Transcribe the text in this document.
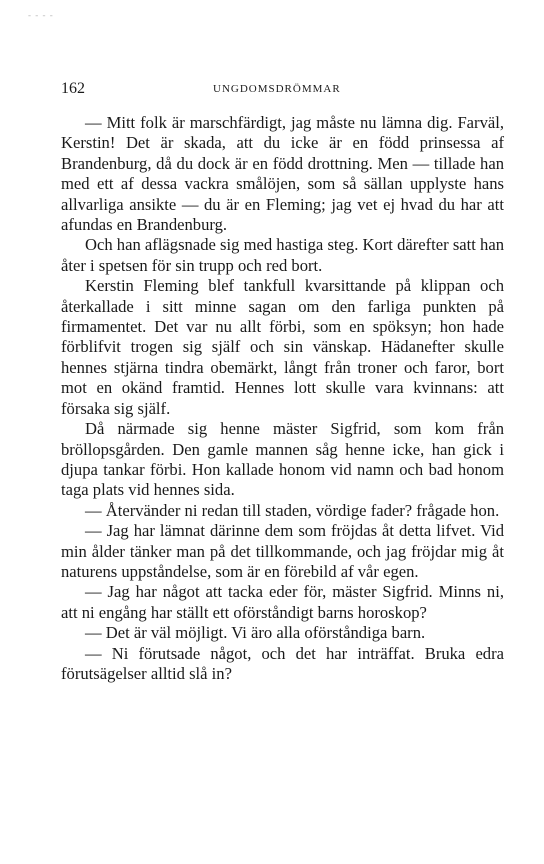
- - - -
162	UNGDOMSDRÖMMAR

— Mitt folk är marschfärdigt, jag måste nu lämna dig. Farväl, Kerstin! Det är skada, att du icke är en född prinsessa af Brandenburg, då du dock är en född drottning. Men — tillade han med ett af dessa vackra smålöjen, som så sällan upplyste hans allvarliga ansikte — du är en Fleming; jag vet ej hvad du har att afundas en Brandenburg.

Och han aflägsnade sig med hastiga steg. Kort därefter satt han åter i spetsen för sin trupp och red bort.

Kerstin Fleming blef tankfull kvarsittande på klippan och återkallade i sitt minne sagan om den farliga punkten på firmamentet. Det var nu allt förbi, som en spöksyn; hon hade förblifvit trogen sig själf och sin vänskap. Hädanefter skulle hennes stjärna tindra obemärkt, långt från troner och faror, bort mot en okänd framtid. Hennes lott skulle vara kvinnans: att försaka sig själf.

Då närmade sig henne mäster Sigfrid, som kom från bröllopsgården. Den gamle mannen såg henne icke, han gick i djupa tankar förbi. Hon kallade honom vid namn och bad honom taga plats vid hennes sida.

— Återvänder ni redan till staden, vördige fader? frågade hon.

— Jag har lämnat därinne dem som fröjdas åt detta lifvet. Vid min ålder tänker man på det tillkommande, och jag fröjdar mig åt naturens uppståndelse, som är en förebild af vår egen.

— Jag har något att tacka eder för, mäster Sigfrid. Minns ni, att ni engång har ställt ett oförståndigt barns horoskop?

— Det är väl möjligt. Vi äro alla oförståndiga barn.

— Ni förutsade något, och det har inträffat. Bruka edra förutsägelser alltid slå in?
